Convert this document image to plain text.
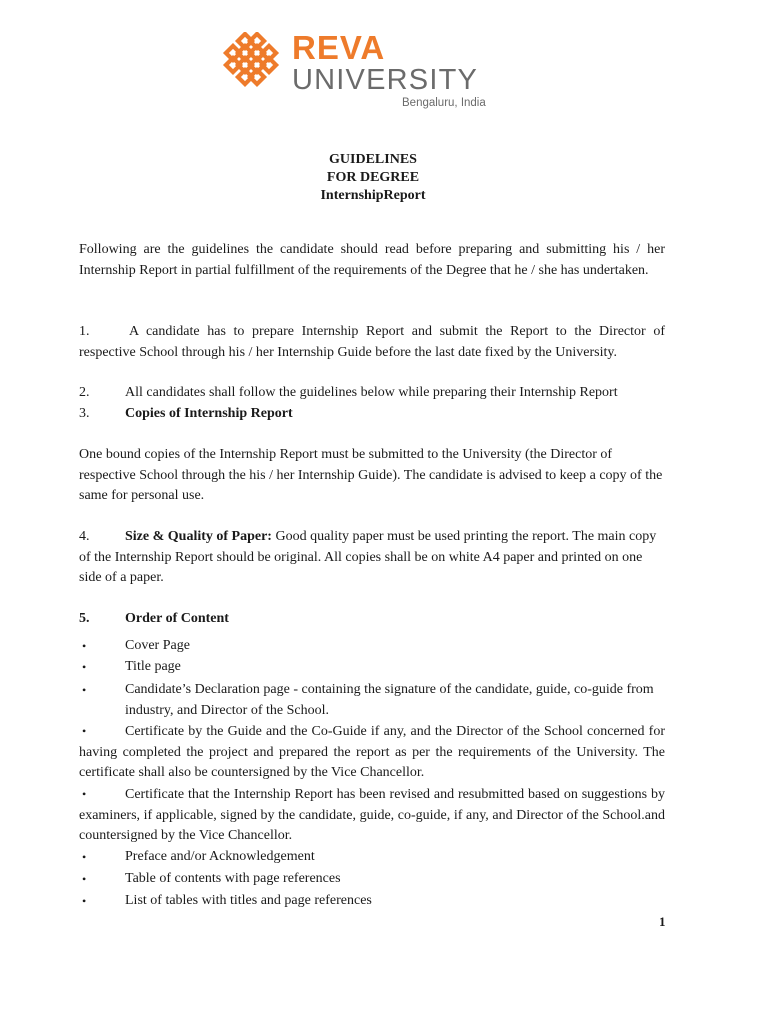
REVA
UNIVERSITY
Bengaluru, India
GUIDELINES
FOR DEGREE
InternshipReport
Following are the guidelines the candidate should read before preparing and submitting his / her Internship Report in partial fulfillment of the requirements of the Degree that he / she has undertaken.
1.	A candidate has to prepare Internship Report and submit the Report to the Director of respective School through his / her Internship Guide before the last date fixed by the University.
2.	All candidates shall follow the guidelines below while preparing their Internship Report
3.	Copies of Internship Report
One bound copies of the Internship Report must be submitted to the University (the Director of respective School through the his / her Internship Guide). The candidate is advised to keep a copy of the same for personal use.
4.	Size & Quality of Paper: Good quality paper must be used printing the report. The main copy of the Internship Report should be original. All copies shall be on white A4 paper and printed on one side of a paper.
5.	Order of Content
•	Cover Page
•	Title page
•	Candidate’s Declaration page - containing the signature of the candidate, guide, co-guide from industry, and Director of the School.
•	Certificate by the Guide and the Co-Guide if any, and the Director of the School concerned for having completed the project and prepared the report as per the requirements of the University. The certificate shall also be countersigned by the Vice Chancellor.
•	Certificate that the Internship Report has been revised and resubmitted based on suggestions by examiners, if applicable, signed by the candidate, guide, co-guide, if any, and Director of the School.and countersigned by the Vice Chancellor.
•	Preface and/or Acknowledgement
•	Table of contents with page references
•	List of tables with titles and page references
1
